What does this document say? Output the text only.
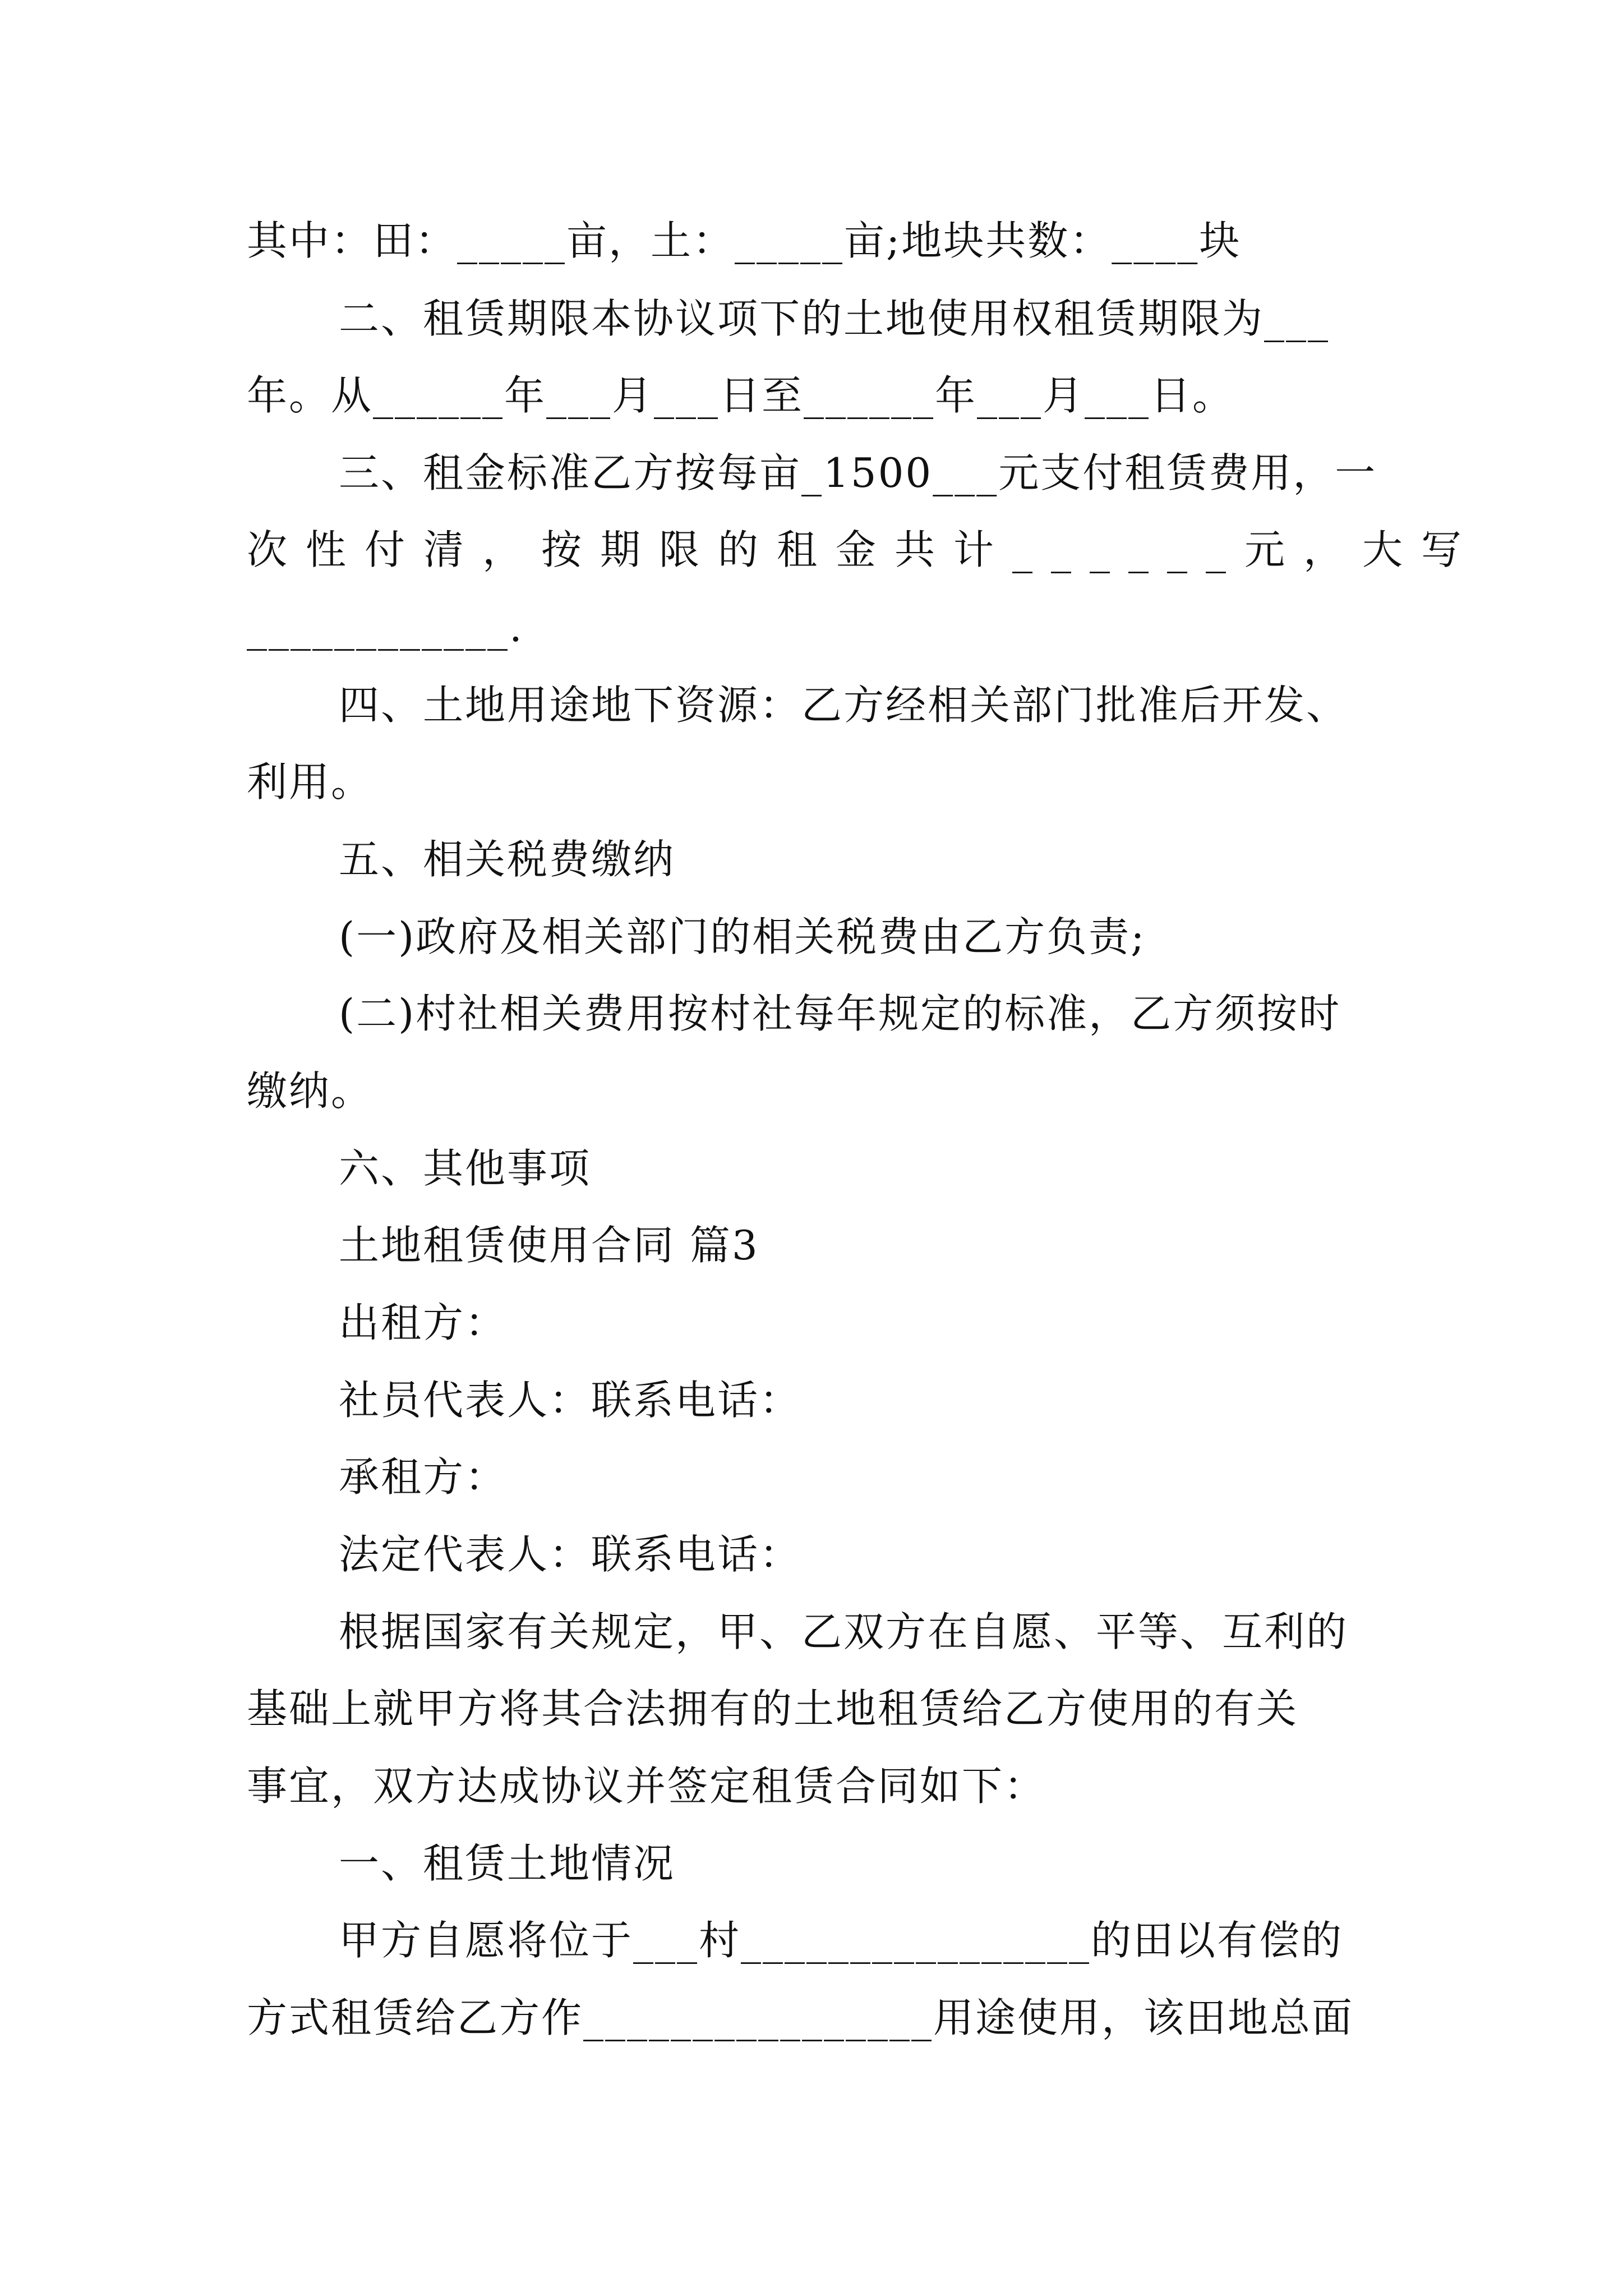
其中：田：_____亩，土：_____亩;地块共数：____块
二、租赁期限本协议项下的土地使用权租赁期限为___
年。从______年___月___日至______年___月___日。
三、租金标准乙方按每亩_1500___元支付租赁费用，一
次性付清，按期限的租金共计______元，大写
____________.
四、土地用途地下资源：乙方经相关部门批准后开发、
利用。
五、相关税费缴纳
(一)政府及相关部门的相关税费由乙方负责;
(二)村社相关费用按村社每年规定的标准，乙方须按时
缴纳。
六、其他事项
土地租赁使用合同 篇3
出租方：
社员代表人：联系电话：
承租方：
法定代表人：联系电话：
根据国家有关规定，甲、乙双方在自愿、平等、互利的
基础上就甲方将其合法拥有的土地租赁给乙方使用的有关
事宜，双方达成协议并签定租赁合同如下：
一、租赁土地情况
甲方自愿将位于___村________________的田以有偿的
方式租赁给乙方作________________用途使用，该田地总面
